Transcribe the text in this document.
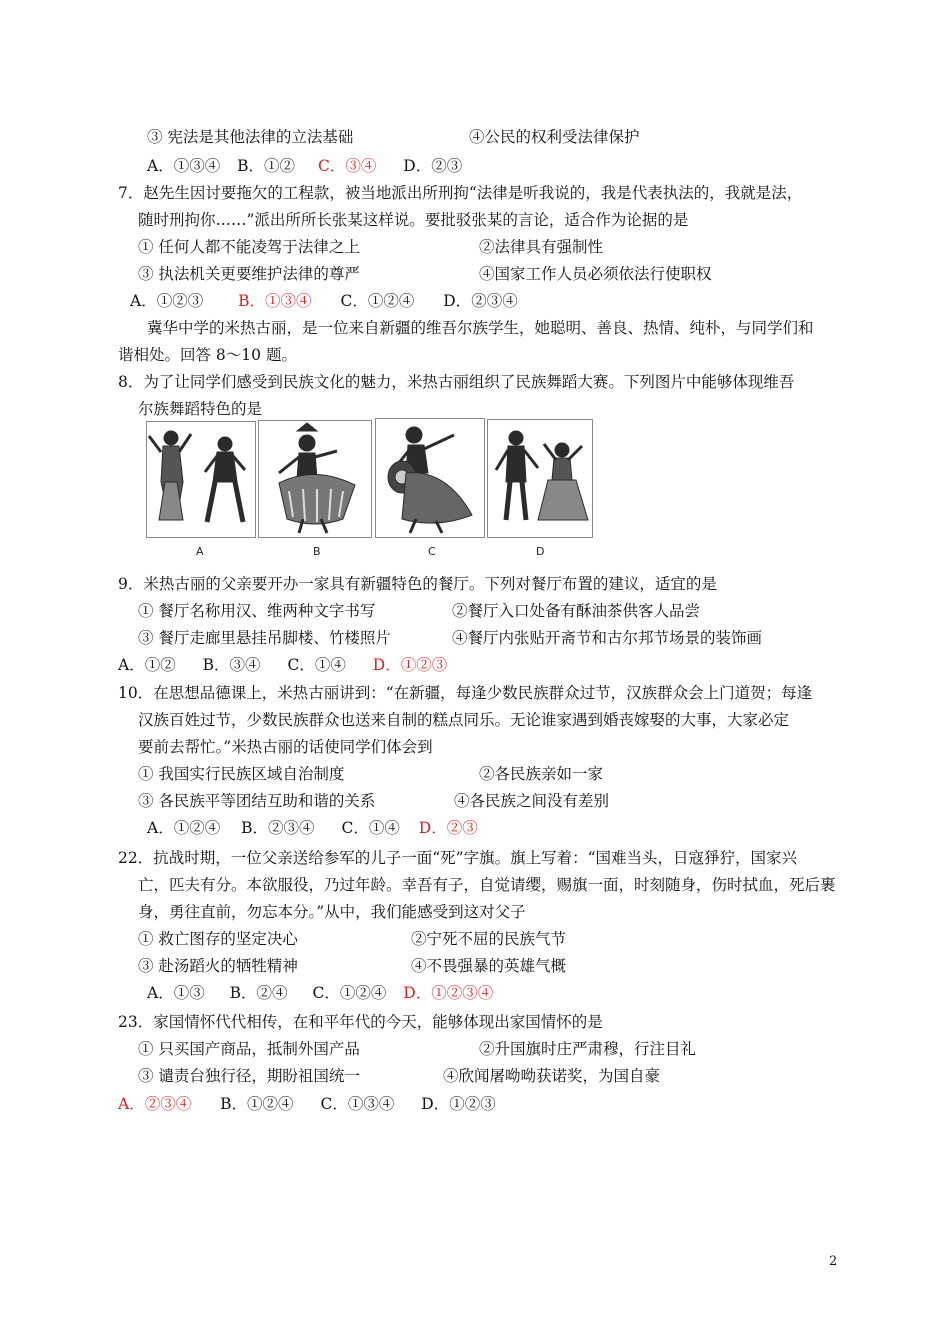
③ 宪法是其他法律的立法基础	④公民的权利受法律保护
A．①③④ B．①② C．③④ D．②③
7．赵先生因讨要拖欠的工程款，被当地派出所刑拘“法律是听我说的，我是代表执法的，我就是法，
随时刑拘你……”派出所所长张某这样说。要批驳张某的言论，适合作为论据的是
① 任何人都不能凌驾于法律之上	②法律具有强制性
③ 执法机关更要维护法律的尊严	④国家工作人员必须依法行使职权
A．①②③ B．①③④ C．①②④ D．②③④
冀华中学的米热古丽，是一位来自新疆的维吾尔族学生，她聪明、善良、热情、纯朴，与同学们和
谐相处。回答 8～10 题。
8．为了让同学们感受到民族文化的魅力，米热古丽组织了民族舞蹈大赛。下列图片中能够体现维吾
尔族舞蹈特色的是
A	B	C	D
9．米热古丽的父亲要开办一家具有新疆特色的餐厅。下列对餐厅布置的建议，适宜的是
① 餐厅名称用汉、维两种文字书写	②餐厅入口处备有酥油茶供客人品尝
③ 餐厅走廊里悬挂吊脚楼、竹楼照片	④餐厅内张贴开斋节和古尔邦节场景的装饰画
A．①② B．③④ C．①④ D．①②③
10．在思想品德课上，米热古丽讲到：“在新疆，每逢少数民族群众过节，汉族群众会上门道贺；每逢
汉族百姓过节，少数民族群众也送来自制的糕点同乐。无论谁家遇到婚丧嫁娶的大事，大家必定
要前去帮忙。”米热古丽的话使同学们体会到
① 我国实行民族区域自治制度	②各民族亲如一家
③ 各民族平等团结互助和谐的关系	④各民族之间没有差别
A．①②④ B．②③④ C．①④ D．②③
22．抗战时期，一位父亲送给参军的儿子一面“死”字旗。旗上写着：“国难当头，日寇猙狞，国家兴
亡，匹夫有分。本欲服役，乃过年龄。幸吾有子，自觉请缨，赐旗一面，时刻随身，伤时拭血，死后裹
身，勇往直前，勿忘本分。”从中，我们能感受到这对父子
① 救亡图存的坚定决心	②宁死不屈的民族气节
③ 赴汤蹈火的牺牲精神	④不畏强暴的英雄气概
A．①③ B．②④ C．①②④ D．①②③④
23．家国情怀代代相传，在和平年代的今天，能够体现出家国情怀的是
① 只买国产商品，抵制外国产品	②升国旗时庄严肃穆，行注目礼
③ 谴责台独行径，期盼祖国统一	④欣闻屠呦呦获诺奖，为国自豪
A．②③④ B．①②④ C．①③④ D．①②③
2
